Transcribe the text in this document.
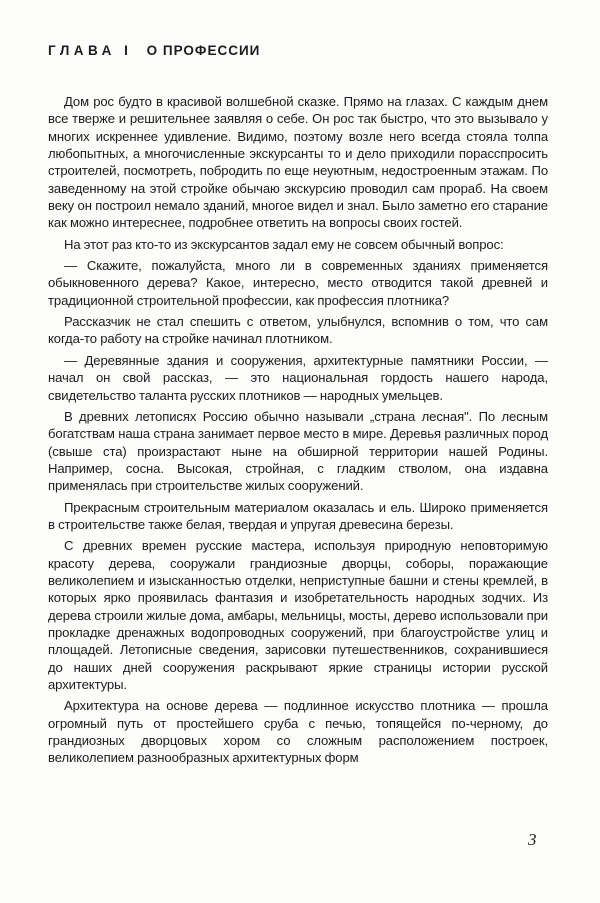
ГЛАВА I О ПРОФЕССИИ

Дом рос будто в красивой волшебной сказке. Прямо на глазах. С каждым днем все тверже и решительнее заявляя о себе. Он рос так быстро, что это вызывало у многих искреннее удивление. Видимо, поэтому возле него всегда стояла толпа любопытных, а многочисленные экскурсанты то и дело приходили порасспросить строителей, посмотреть, побродить по еще неуютным, недостроенным этажам. По заведенному на этой стройке обычаю экскурсию проводил сам прораб. На своем веку он построил немало зданий, многое видел и знал. Было заметно его старание как можно интереснее, подробнее ответить на вопросы своих гостей.

На этот раз кто-то из экскурсантов задал ему не совсем обычный вопрос:

— Скажите, пожалуйста, много ли в современных зданиях применяется обыкновенного дерева? Какое, интересно, место отводится такой древней и традиционной строительной профессии, как профессия плотника?

Рассказчик не стал спешить с ответом, улыбнулся, вспомнив о том, что сам когда-то работу на стройке начинал плотником.

— Деревянные здания и сооружения, архитектурные памятники России, — начал он свой рассказ, — это национальная гордость нашего народа, свидетельство таланта русских плотников — народных умельцев.

В древних летописях Россию обычно называли „страна лесная". По лесным богатствам наша страна занимает первое место в мире. Деревья различных пород (свыше ста) произрастают ныне на обширной территории нашей Родины. Например, сосна. Высокая, стройная, с гладким стволом, она издавна применялась при строительстве жилых сооружений.

Прекрасным строительным материалом оказалась и ель. Широко применяется в строительстве также белая, твердая и упругая древесина березы.

С древних времен русские мастера, используя природную неповторимую красоту дерева, сооружали грандиозные дворцы, соборы, поражающие великолепием и изысканностью отделки, неприступные башни и стены кремлей, в которых ярко проявилась фантазия и изобретательность народных зодчих. Из дерева строили жилые дома, амбары, мельницы, мосты, дерево использовали при прокладке дренажных водопроводных сооружений, при благоустройстве улиц и площадей. Летописные сведения, зарисовки путешественников, сохранившиеся до наших дней сооружения раскрывают яркие страницы истории русской архитектуры.

Архитектура на основе дерева — подлинное искусство плотника — прошла огромный путь от простейшего сруба с печью, топящейся по-черному, до грандиозных дворцовых хором со сложным расположением построек, великолепием разнообразных архитектурных форм

3
